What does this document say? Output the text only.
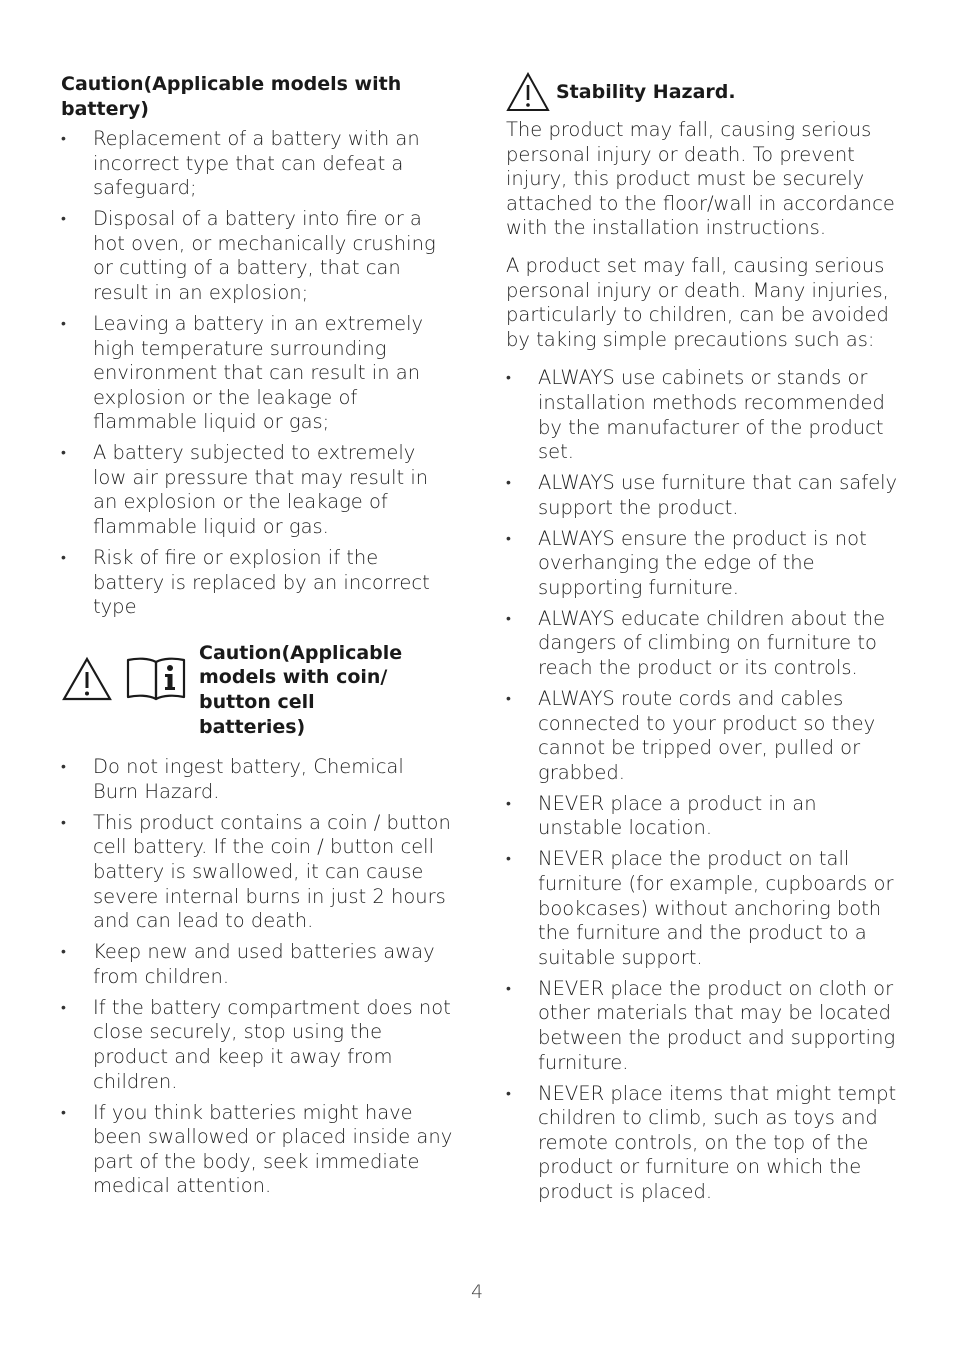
Caution(Applicable models with battery)
• Replacement of a battery with an incorrect type that can defeat a safeguard;
• Disposal of a battery into fire or a hot oven, or mechanically crushing or cutting of a battery, that can result in an explosion;
• Leaving a battery in an extremely high temperature surrounding environment that can result in an explosion or the leakage of flammable liquid or gas;
• A battery subjected to extremely low air pressure that may result in an explosion or the leakage of flammable liquid or gas.
• Risk of fire or explosion if the battery is replaced by an incorrect type
Caution(Applicable models with coin/ button cell batteries)
• Do not ingest battery, Chemical Burn Hazard.
• This product contains a coin / button cell battery. If the coin / button cell battery is swallowed, it can cause severe internal burns in just 2 hours and can lead to death.
• Keep new and used batteries away from children.
• If the battery compartment does not close securely, stop using the product and keep it away from children.
• If you think batteries might have been swallowed or placed inside any part of the body, seek immediate medical attention.
Stability Hazard.

The product may fall, causing serious personal injury or death. To prevent injury, this product must be securely attached to the floor/wall in accordance with the installation instructions.

A product set may fall, causing serious personal injury or death. Many injuries, particularly to children, can be avoided by taking simple precautions such as:

• ALWAYS use cabinets or stands or installation methods recommended by the manufacturer of the product set.
• ALWAYS use furniture that can safely support the product.
• ALWAYS ensure the product is not overhanging the edge of the supporting furniture.
• ALWAYS educate children about the dangers of climbing on furniture to reach the product or its controls.
• ALWAYS route cords and cables connected to your product so they cannot be tripped over, pulled or grabbed.
• NEVER place a product in an unstable location.
• NEVER place the product on tall furniture (for example, cupboards or bookcases) without anchoring both the furniture and the product to a suitable support.
• NEVER place the product on cloth or other materials that may be located between the product and supporting furniture.
• NEVER place items that might tempt children to climb, such as toys and remote controls, on the top of the product or furniture on which the product is placed.
4
